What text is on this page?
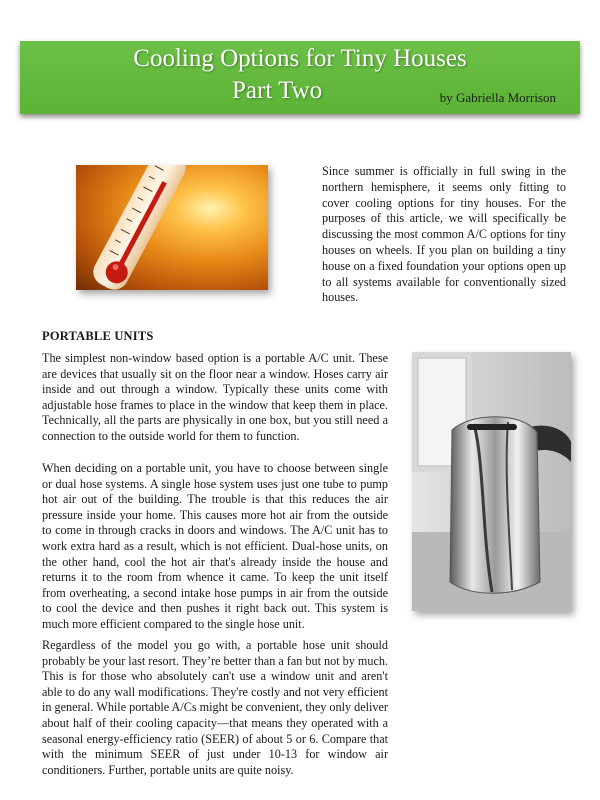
Cooling Options for Tiny Houses
Part Two	by Gabriella Morrison
Since summer is officially in full swing in the northern hemisphere, it seems only fitting to cover cooling options for tiny houses. For the purposes of this article, we will specifically be discussing the most common A/C options for tiny houses on wheels. If you plan on building a tiny house on a fixed foundation your options open up to all systems available for conventionally sized houses.
PORTABLE UNITS

The simplest non-window based option is a portable A/C unit. These are devices that usually sit on the floor near a window. Hoses carry air inside and out through a window. Typically these units come with adjustable hose frames to place in the window that keep them in place. Technically, all the parts are physically in one box, but you still need a connection to the outside world for them to function.

When deciding on a portable unit, you have to choose between single or dual hose systems. A single hose system uses just one tube to pump hot air out of the building. The trouble is that this reduces the air pressure inside your home. This causes more hot air from the outside to come in through cracks in doors and windows. The A/C unit has to work extra hard as a result, which is not efficient. Dual-hose units, on the other hand, cool the hot air that's already inside the house and returns it to the room from whence it came. To keep the unit itself from overheating, a second intake hose pumps in air from the outside to cool the device and then pushes it right back out. This system is much more efficient compared to the single hose unit.

Regardless of the model you go with, a portable hose unit should probably be your last resort. They’re better than a fan but not by much. This is for those who absolutely can't use a window unit and aren't able to do any wall modifications. They're costly and not very efficient in general. While portable A/Cs might be convenient, they only deliver about half of their cooling capacity—that means they operated with a seasonal energy-efficiency ratio (SEER) of about 5 or 6. Compare that with the minimum SEER of just under 10-13 for window air conditioners. Further, portable units are quite noisy.
